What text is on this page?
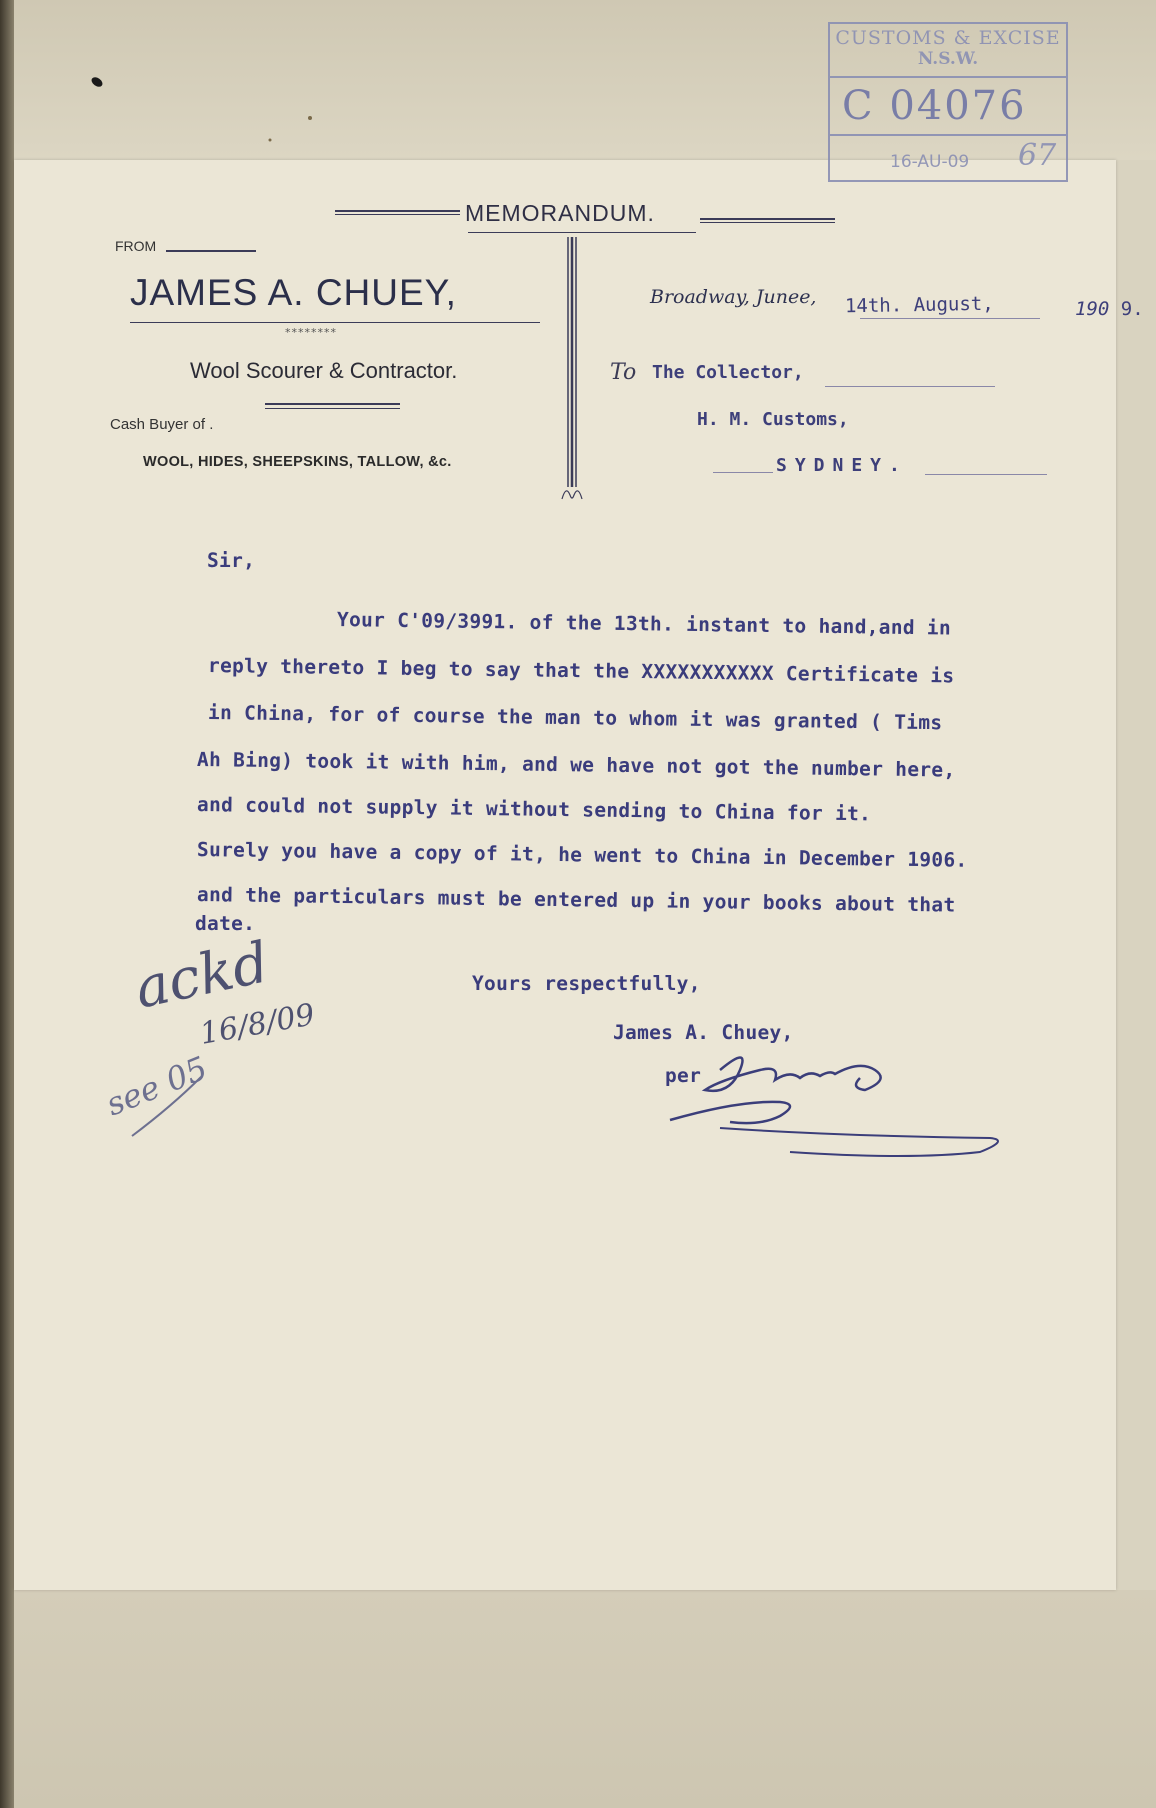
CUSTOMS & EXCISE
N.S.W.
C 04076
16-AU-09 67
MEMORANDUM.
FROM
JAMES A. CHUEY,
********
Wool Scourer & Contractor.
Cash Buyer of .
WOOL, HIDES, SHEEPSKINS, TALLOW, &c.
Broadway, Junee, 14th. August,	190 9.
To The Collector,
H. M. Customs,
SYDNEY.
Sir,
Your C'09/3991. of the 13th. instant to hand,and in
reply thereto I beg to say that the XXXXXXXXXXX Certificate is
in China, for of course the man to whom it was granted ( Tims
Ah Bing) took it with him, and we have not got the number here,
and could not supply it without sending to China for it.
Surely you have a copy of it, he went to China in December 1906.
and the particulars must be entered up in your books about that
date.
Yours respectfully,
James A. Chuey,
per
ackd
16/8/09
see 05
